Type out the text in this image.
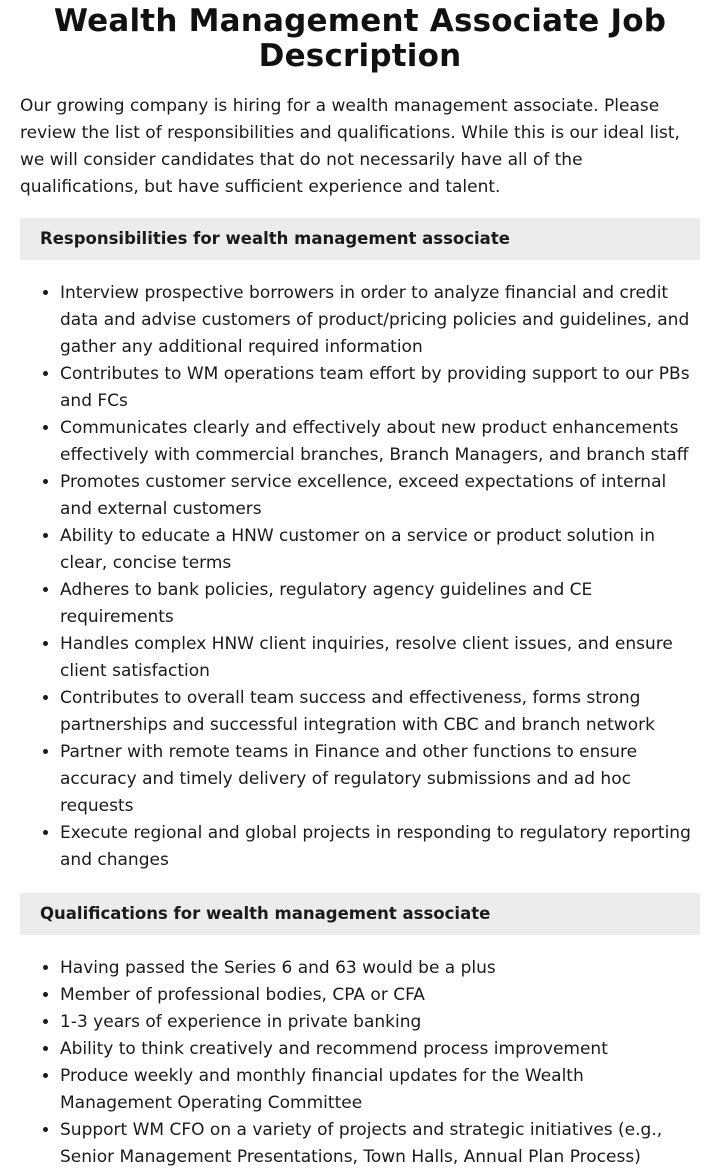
Wealth Management Associate Job Description

Our growing company is hiring for a wealth management associate. Please review the list of responsibilities and qualifications. While this is our ideal list, we will consider candidates that do not necessarily have all of the qualifications, but have sufficient experience and talent.

Responsibilities for wealth management associate
• Interview prospective borrowers in order to analyze financial and credit data and advise customers of product/pricing policies and guidelines, and gather any additional required information
• Contributes to WM operations team effort by providing support to our PBs and FCs
• Communicates clearly and effectively about new product enhancements effectively with commercial branches, Branch Managers, and branch staff
• Promotes customer service excellence, exceed expectations of internal and external customers
• Ability to educate a HNW customer on a service or product solution in clear, concise terms
• Adheres to bank policies, regulatory agency guidelines and CE requirements
• Handles complex HNW client inquiries, resolve client issues, and ensure client satisfaction
• Contributes to overall team success and effectiveness, forms strong partnerships and successful integration with CBC and branch network
• Partner with remote teams in Finance and other functions to ensure accuracy and timely delivery of regulatory submissions and ad hoc requests
• Execute regional and global projects in responding to regulatory reporting and changes
Qualifications for wealth management associate
• Having passed the Series 6 and 63 would be a plus
• Member of professional bodies, CPA or CFA
• 1-3 years of experience in private banking
• Ability to think creatively and recommend process improvement
• Produce weekly and monthly financial updates for the Wealth Management Operating Committee
• Support WM CFO on a variety of projects and strategic initiatives (e.g., Senior Management Presentations, Town Halls, Annual Plan Process)
